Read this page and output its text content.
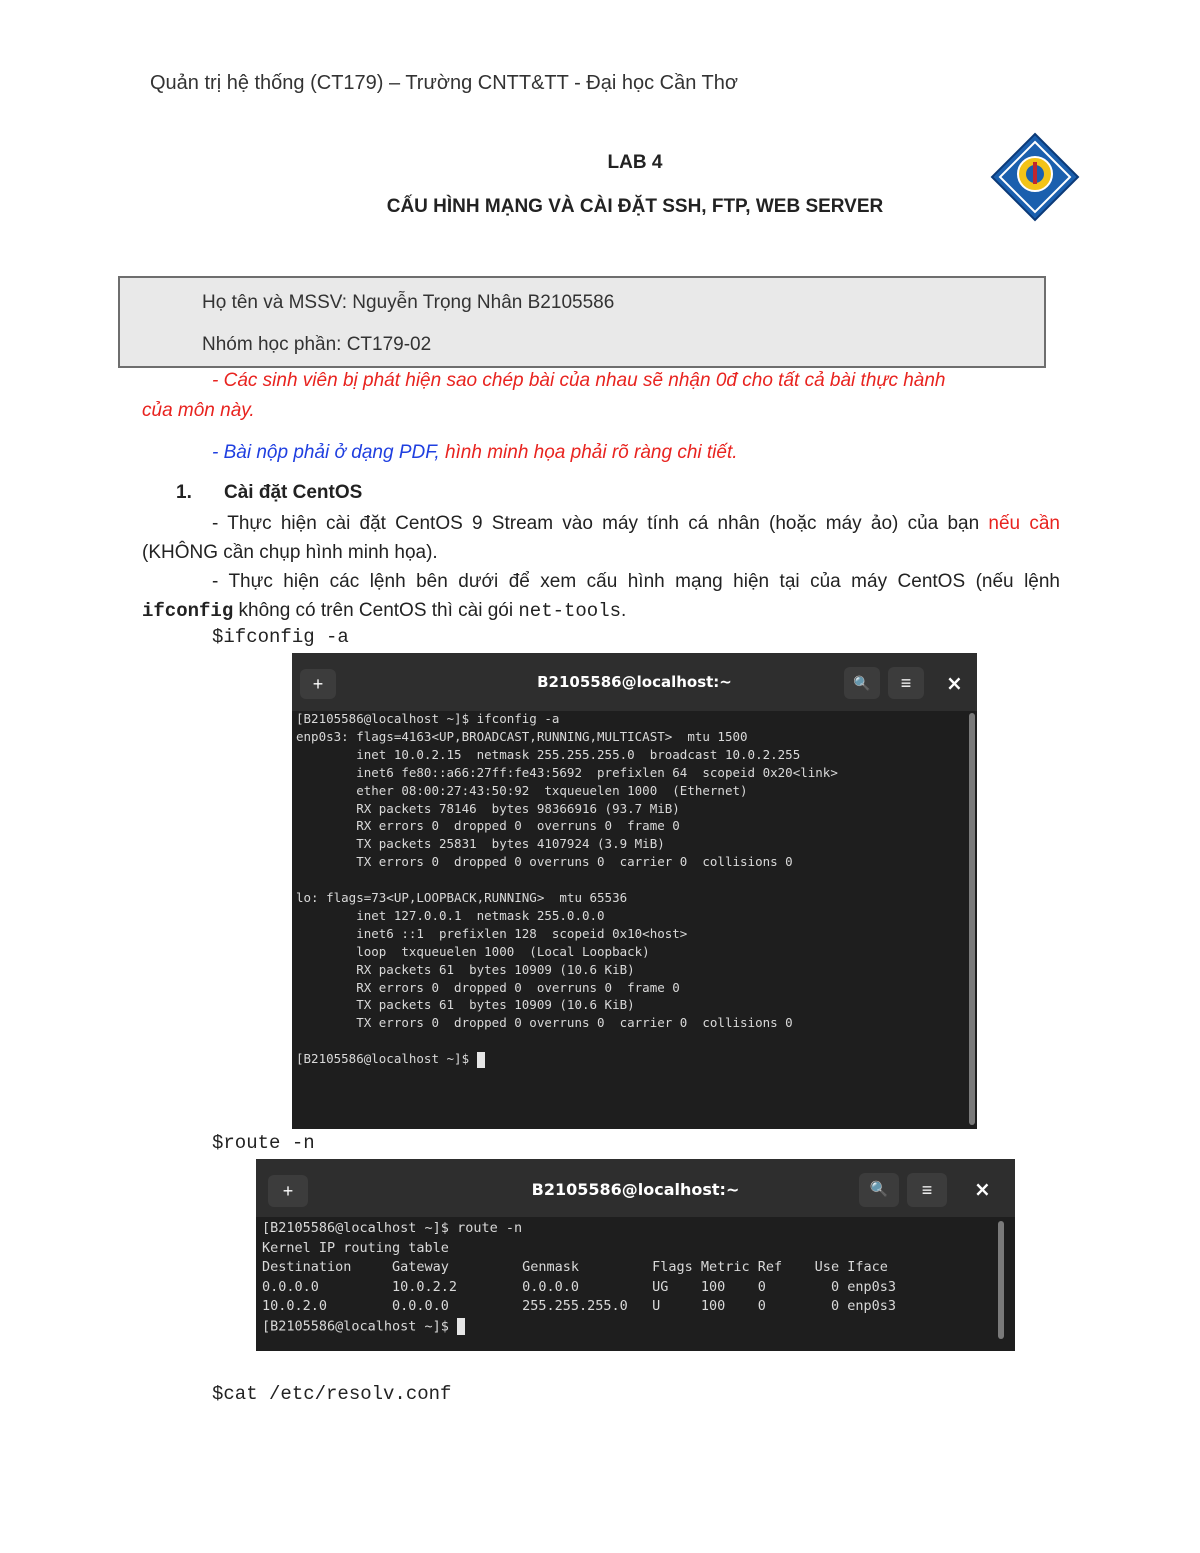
Quản trị hệ thống (CT179) – Trường CNTT&TT - Đại học Cần Thơ
LAB 4
CẤU HÌNH MẠNG VÀ CÀI ĐẶT SSH, FTP, WEB SERVER
Họ tên và MSSV: Nguyễn Trọng Nhân B2105586
Nhóm học phần: CT179-02
- Các sinh viên bị phát hiện sao chép bài của nhau sẽ nhận 0đ cho tất cả bài thực hành
của môn này.
- Bài nộp phải ở dạng PDF, hình minh họa phải rõ ràng chi tiết.
1. Cài đặt CentOS
- Thực hiện cài đặt CentOS 9 Stream vào máy tính cá nhân (hoặc máy ảo) của bạn nếu cần (KHÔNG cần chụp hình minh họa).
- Thực hiện các lệnh bên dưới để xem cấu hình mạng hiện tại của máy CentOS (nếu lệnh ifconfig không có trên CentOS thì cài gói net-tools.
$ifconfig -a
+	B2105586@localhost:~	🔍	≡	×
[B2105586@localhost ~]$ ifconfig -a
enp0s3: flags=4163<UP,BROADCAST,RUNNING,MULTICAST>  mtu 1500
inet 10.0.2.15  netmask 255.255.255.0  broadcast 10.0.2.255
inet6 fe80::a66:27ff:fe43:5692  prefixlen 64  scopeid 0x20<link>
ether 08:00:27:43:50:92  txqueuelen 1000  (Ethernet)
RX packets 78146  bytes 98366916 (93.7 MiB)
RX errors 0  dropped 0  overruns 0  frame 0
TX packets 25831  bytes 4107924 (3.9 MiB)
TX errors 0  dropped 0 overruns 0  carrier 0  collisions 0
lo: flags=73<UP,LOOPBACK,RUNNING>  mtu 65536
inet 127.0.0.1  netmask 255.0.0.0
inet6 ::1  prefixlen 128  scopeid 0x10<host>
loop  txqueuelen 1000  (Local Loopback)
RX packets 61  bytes 10909 (10.6 KiB)
RX errors 0  dropped 0  overruns 0  frame 0
TX packets 61  bytes 10909 (10.6 KiB)
TX errors 0  dropped 0 overruns 0  carrier 0  collisions 0
[B2105586@localhost ~]$
$route -n
+	B2105586@localhost:~	🔍	≡	×
[B2105586@localhost ~]$ route -n
Kernel IP routing table
Destination     Gateway         Genmask         Flags Metric Ref    Use Iface
0.0.0.0         10.0.2.2        0.0.0.0         UG    100    0        0 enp0s3
10.0.2.0        0.0.0.0         255.255.255.0   U     100    0        0 enp0s3
[B2105586@localhost ~]$
$cat /etc/resolv.conf
